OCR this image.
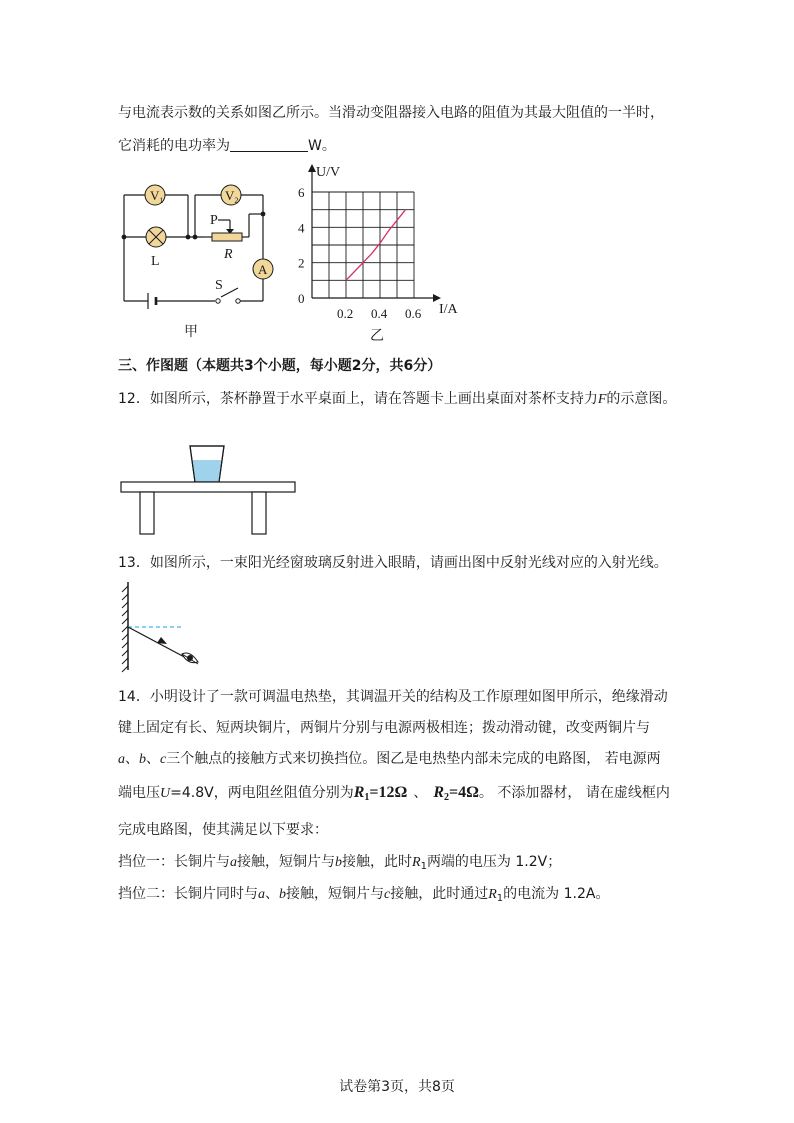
与电流表示数的关系如图乙所示。当滑动变阻器接入电路的阻值为其最大阻值的一半时，
它消耗的电功率为	W。
$V_1$	$V_2$
A
L
P
R
S
甲
0
2
4
6
0.2 0.4 0.6
U/V
I/A
乙
三、作图题（本题共3个小题，每小题2分，共6分）
12．如图所示，茶杯静置于水平桌面上，请在答题卡上画出桌面对茶杯支持力F的示意图。
13．如图所示，一束阳光经窗玻璃反射进入眼睛，请画出图中反射光线对应的入射光线。
14．小明设计了一款可调温电热垫，其调温开关的结构及工作原理如图甲所示，绝缘滑动
键上固定有长、短两块铜片，两铜片分别与电源两极相连；拨动滑动键，改变两铜片与
a、b、c三个触点的接触方式来切换挡位。图乙是电热垫内部未完成的电路图， 若电源两
端电压U=4.8V，两电阻丝阻值分别为$R_1=12\Omega$ 、 $R_2=4\Omega$。 不添加器材， 请在虚线框内
完成电路图，使其满足以下要求：
挡位一：长铜片与a接触，短铜片与b接触，此时$R_1$两端的电压为 1.2V；
挡位二：长铜片同时与a、b接触，短铜片与c接触，此时通过$R_1$的电流为 1.2A。
试卷第3页，共8页
